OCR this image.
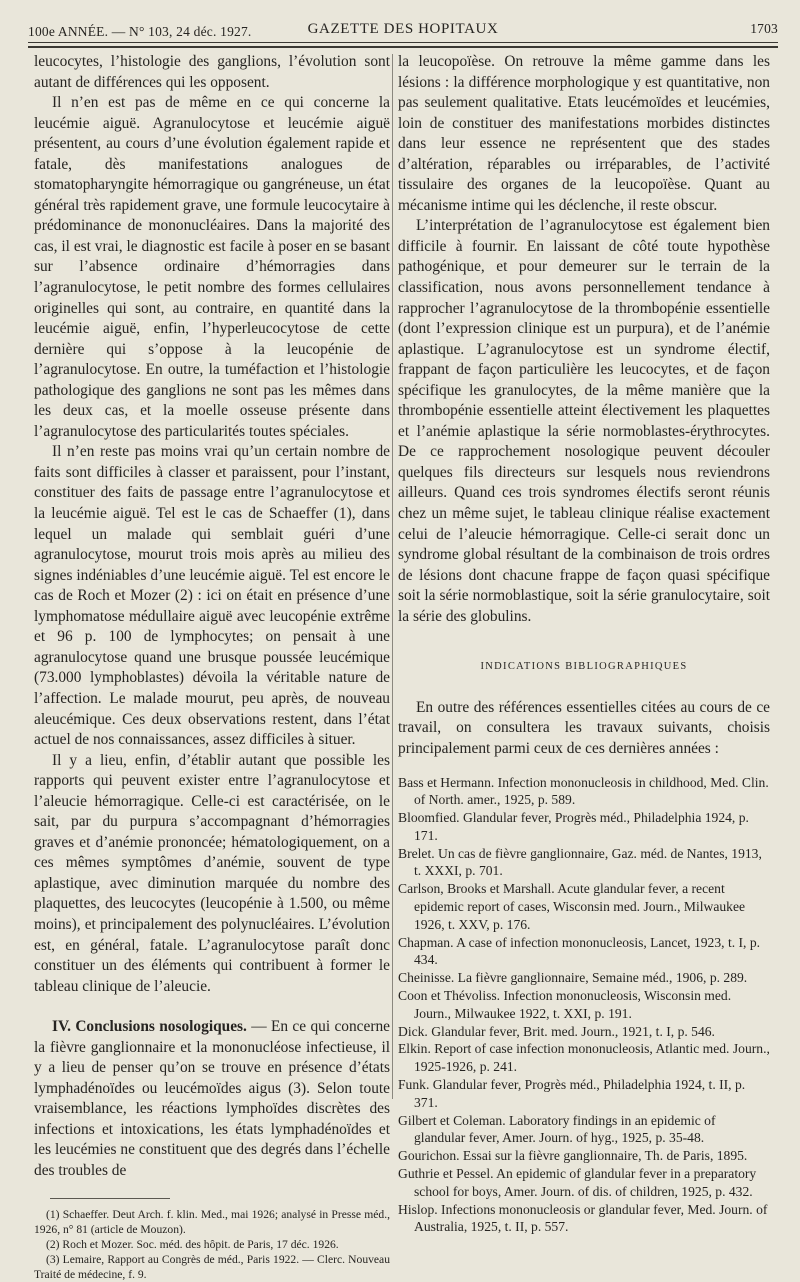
100e ANNÉE. — N° 103, 24 déc. 1927.	GAZETTE DES HOPITAUX	1703

leucocytes, l’histologie des ganglions, l’évolution sont autant de différences qui les opposent.

Il n’en est pas de même en ce qui concerne la leucémie aiguë. Agranulocytose et leucémie aiguë présentent, au cours d’une évolution également rapide et fatale, dès manifestations analogues de stomatopharyngite hémorragique ou gangréneuse, un état général très rapidement grave, une formule leucocytaire à prédominance de mononucléaires. Dans la majorité des cas, il est vrai, le diagnostic est facile à poser en se basant sur l’absence ordinaire d’hémorragies dans l’agranulocytose, le petit nombre des formes cellulaires originelles qui sont, au contraire, en quantité dans la leucémie aiguë, enfin, l’hyperleucocytose de cette dernière qui s’oppose à la leucopénie de l’agranulocytose. En outre, la tuméfaction et l’histologie pathologique des ganglions ne sont pas les mêmes dans les deux cas, et la moelle osseuse présente dans l’agranulocytose des particularités toutes spéciales.

Il n’en reste pas moins vrai qu’un certain nombre de faits sont difficiles à classer et paraissent, pour l’instant, constituer des faits de passage entre l’agranulocytose et la leucémie aiguë. Tel est le cas de Schaeffer (1), dans lequel un malade qui semblait guéri d’une agranulocytose, mourut trois mois après au milieu des signes indéniables d’une leucémie aiguë. Tel est encore le cas de Roch et Mozer (2) : ici on était en présence d’une lymphomatose médullaire aiguë avec leucopénie extrême et 96 p. 100 de lymphocytes; on pensait à une agranulocytose quand une brusque poussée leucémique (73.000 lymphoblastes) dévoila la véritable nature de l’affection. Le malade mourut, peu après, de nouveau aleucémique. Ces deux observations restent, dans l’état actuel de nos connaissances, assez difficiles à situer.

Il y a lieu, enfin, d’établir autant que possible les rapports qui peuvent exister entre l’agranulocytose et l’aleucie hémorragique. Celle-ci est caractérisée, on le sait, par du purpura s’accompagnant d’hémorragies graves et d’anémie prononcée; hématologiquement, on a ces mêmes symptômes d’anémie, souvent de type aplastique, avec diminution marquée du nombre des plaquettes, des leucocytes (leucopénie à 1.500, ou même moins), et principalement des polynucléaires. L’évolution est, en général, fatale. L’agranulocytose paraît donc constituer un des éléments qui contribuent à former le tableau clinique de l’aleucie.

IV. Conclusions nosologiques. — En ce qui concerne la fièvre ganglionnaire et la mononucléose infectieuse, il y a lieu de penser qu’on se trouve en présence d’états lymphadénoïdes ou leucémoïdes aigus (3). Selon toute vraisemblance, les réactions lymphoïdes discrètes des infections et intoxications, les états lymphadénoïdes et les leucémies ne constituent que des degrés dans l’échelle des troubles de

(1) Schaeffer. Deut Arch. f. klin. Med., mai 1926; analysé in Presse méd., 1926, n° 81 (article de Mouzon).

(2) Roch et Mozer. Soc. méd. des hôpit. de Paris, 17 déc. 1926.

(3) Lemaire, Rapport au Congrès de méd., Paris 1922. — Clerc. Nouveau Traité de médecine, f. 9.

la leucopoïèse. On retrouve la même gamme dans les lésions : la différence morphologique y est quantitative, non pas seulement qualitative. Etats leucémoïdes et leucémies, loin de constituer des manifestations morbides distinctes dans leur essence ne représentent que des stades d’altération, réparables ou irréparables, de l’activité tissulaire des organes de la leucopoïèse. Quant au mécanisme intime qui les déclenche, il reste obscur.

L’interprétation de l’agranulocytose est également bien difficile à fournir. En laissant de côté toute hypothèse pathogénique, et pour demeurer sur le terrain de la classification, nous avons personnellement tendance à rapprocher l’agranulocytose de la thrombopénie essentielle (dont l’expression clinique est un purpura), et de l’anémie aplastique. L’agranulocytose est un syndrome électif, frappant de façon particulière les leucocytes, et de façon spécifique les granulocytes, de la même manière que la thrombopénie essentielle atteint électivement les plaquettes et l’anémie aplastique la série normoblastes-érythrocytes. De ce rapprochement nosologique peuvent découler quelques fils directeurs sur lesquels nous reviendrons ailleurs. Quand ces trois syndromes électifs seront réunis chez un même sujet, le tableau clinique réalise exactement celui de l’aleucie hémorragique. Celle-ci serait donc un syndrome global résultant de la combinaison de trois ordres de lésions dont chacune frappe de façon quasi spécifique soit la série normoblastique, soit la série granulocytaire, soit la série des globulins.

INDICATIONS BIBLIOGRAPHIQUES

En outre des références essentielles citées au cours de ce travail, on consultera les travaux suivants, choisis principalement parmi ceux de ces dernières années :

Bass et Hermann. Infection mononucleosis in childhood, Med. Clin. of North. amer., 1925, p. 589.

Bloomfied. Glandular fever, Progrès méd., Philadelphia 1924, p. 171.

Brelet. Un cas de fièvre ganglionnaire, Gaz. méd. de Nantes, 1913, t. XXXI, p. 701.

Carlson, Brooks et Marshall. Acute glandular fever, a recent epidemic report of cases, Wisconsin med. Journ., Milwaukee 1926, t. XXV, p. 176.

Chapman. A case of infection mononucleosis, Lancet, 1923, t. I, p. 434.

Cheinisse. La fièvre ganglionnaire, Semaine méd., 1906, p. 289.

Coon et Thévoliss. Infection mononucleosis, Wisconsin med. Journ., Milwaukee 1922, t. XXI, p. 191.

Dick. Glandular fever, Brit. med. Journ., 1921, t. I, p. 546.

Elkin. Report of case infection mononucleosis, Atlantic med. Journ., 1925-1926, p. 241.

Funk. Glandular fever, Progrès méd., Philadelphia 1924, t. II, p. 371.

Gilbert et Coleman. Laboratory findings in an epidemic of glandular fever, Amer. Journ. of hyg., 1925, p. 35-48.

Gourichon. Essai sur la fièvre ganglionnaire, Th. de Paris, 1895.

Guthrie et Pessel. An epidemic of glandular fever in a preparatory school for boys, Amer. Journ. of dis. of children, 1925, p. 432.

Hislop. Infections mononucleosis or glandular fever, Med. Journ. of Australia, 1925, t. II, p. 557.
